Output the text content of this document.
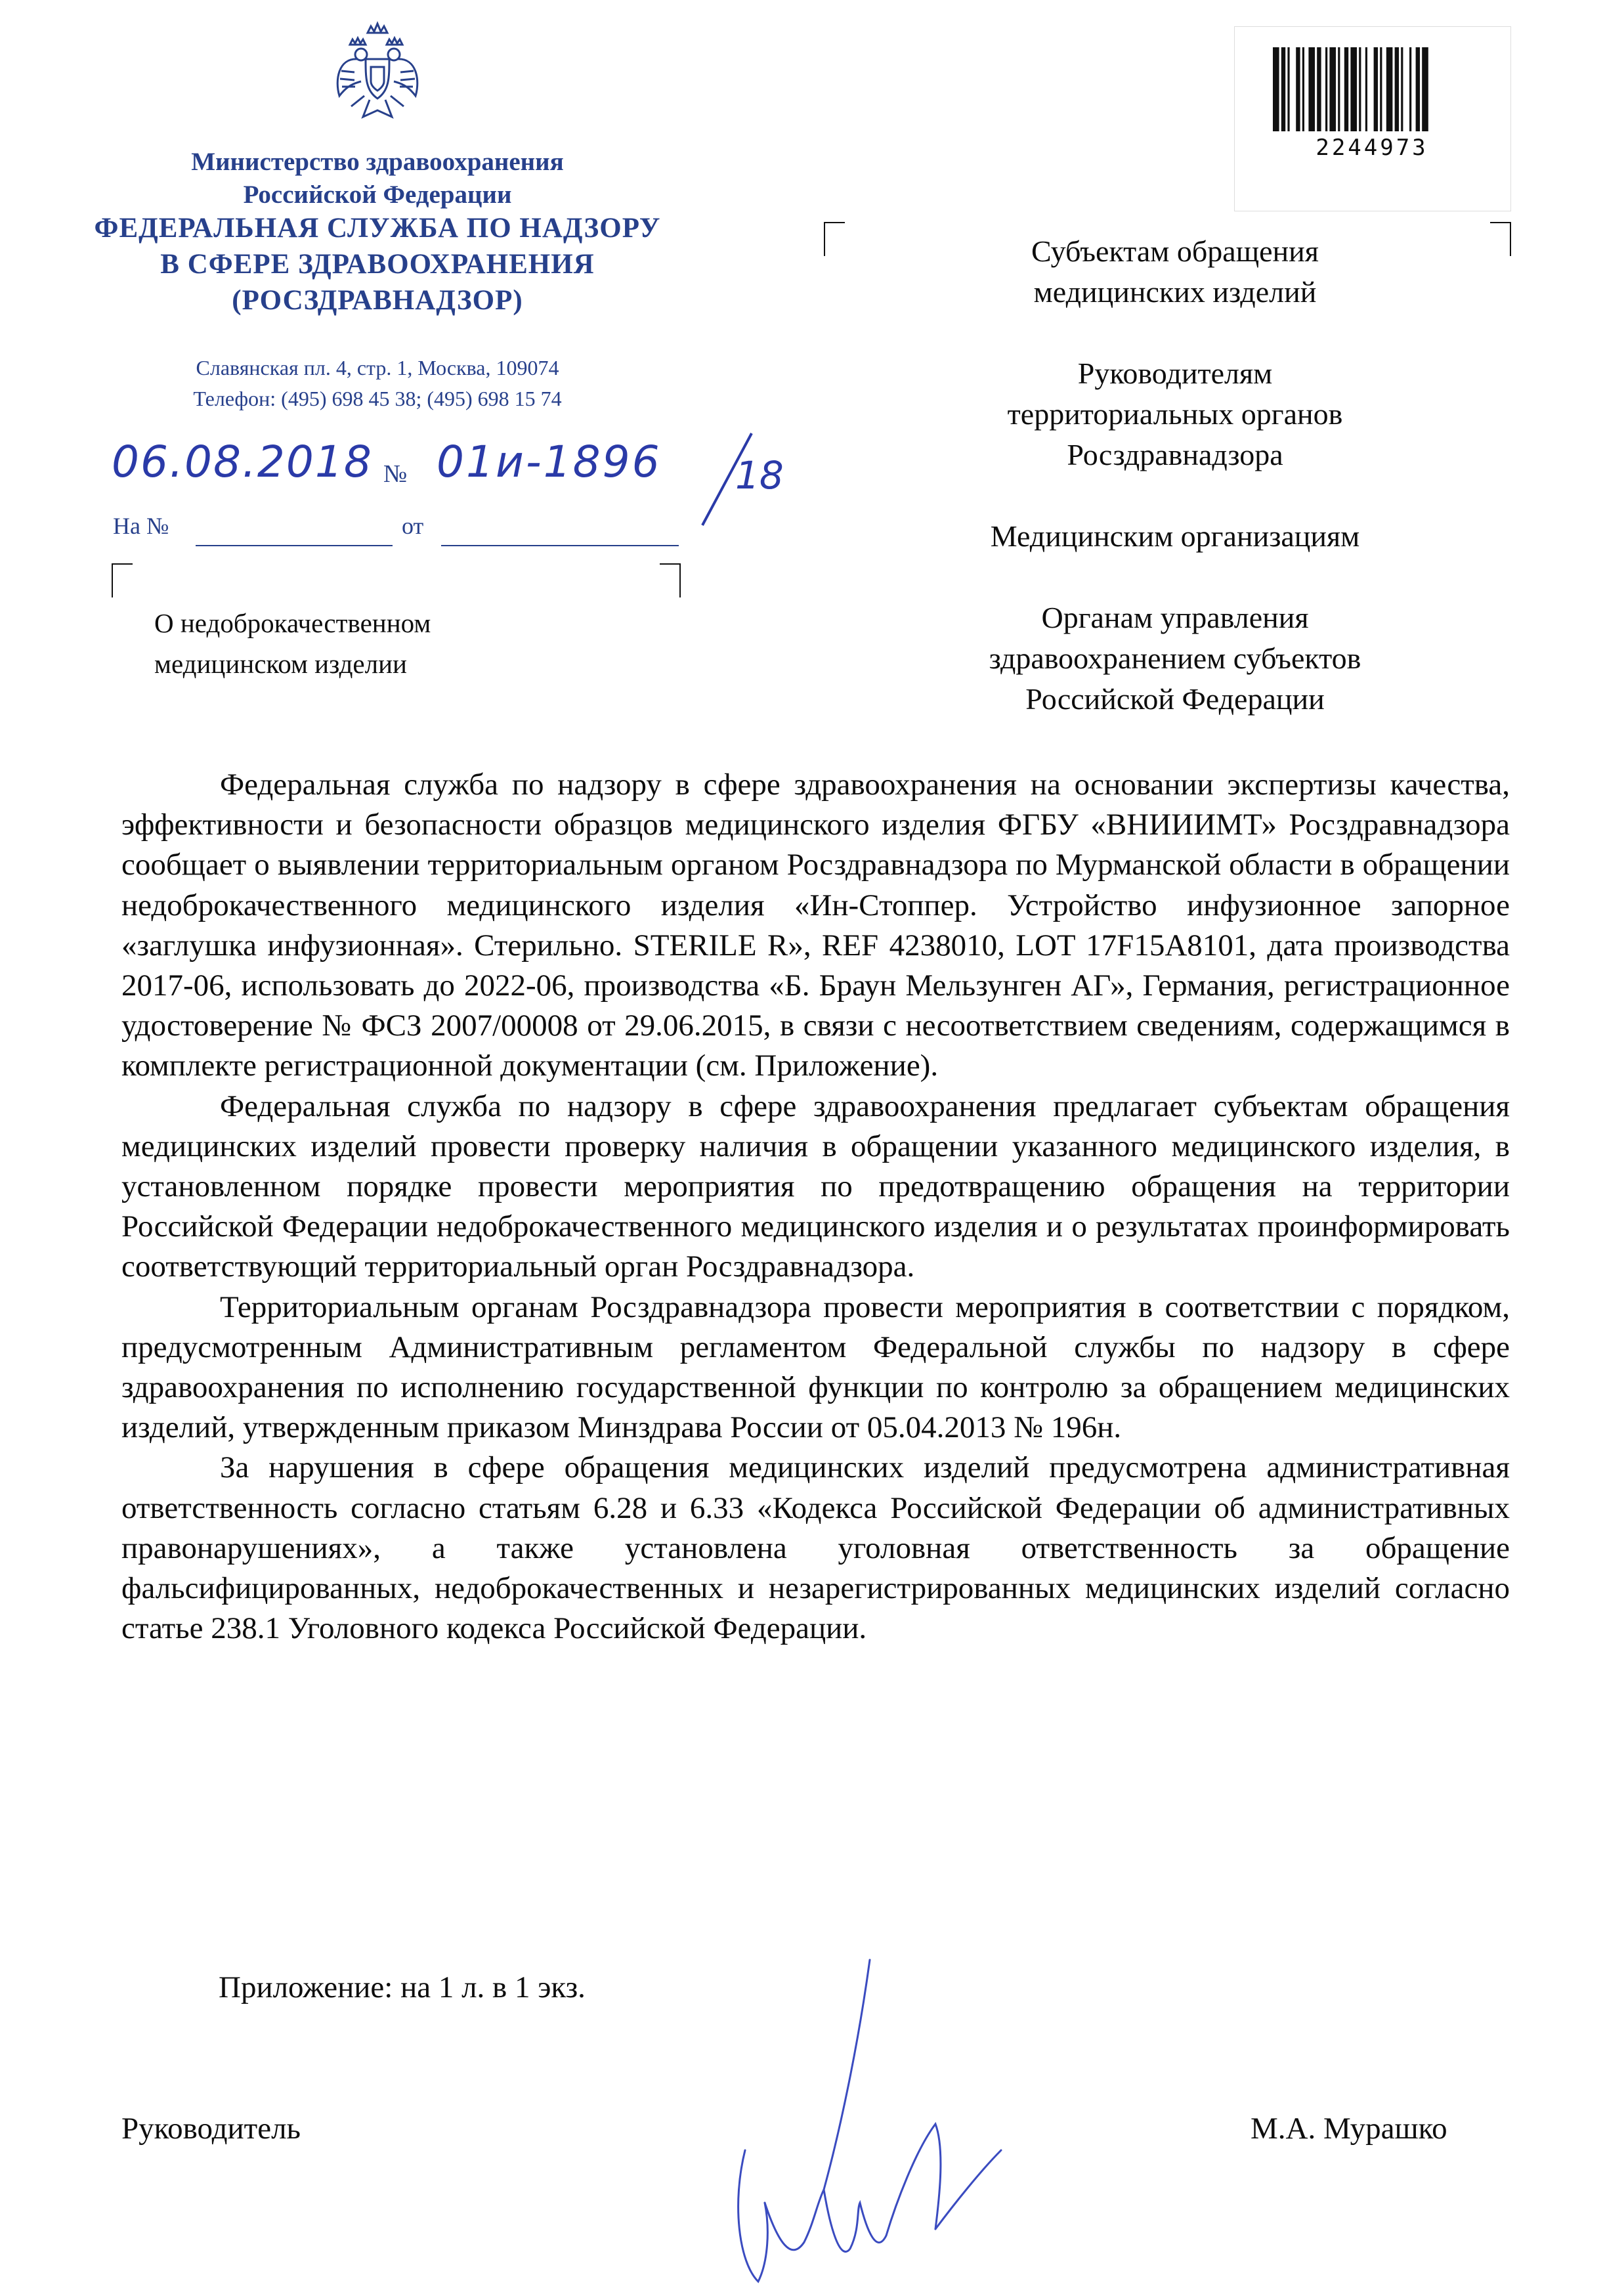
Министерство здравоохранения
Российской Федерации
ФЕДЕРАЛЬНАЯ СЛУЖБА ПО НАДЗОРУ
В СФЕРЕ ЗДРАВООХРАНЕНИЯ
(РОСЗДРАВНАДЗОР)
Славянская пл. 4, стр. 1, Москва, 109074
Телефон: (495) 698 45 38; (495) 698 15 74
06.08.2018 № 01и-1896 18
На №	от
О недоброкачественном
медицинском изделии
2244973
Субъектам обращения
медицинских изделий
Руководителям
территориальных органов
Росздравнадзора
Медицинским организациям
Органам управления
здравоохранением субъектов
Российской Федерации

Федеральная служба по надзору в сфере здравоохранения на основании экспертизы качества, эффективности и безопасности образцов медицинского изделия ФГБУ «ВНИИИМТ» Росздравнадзора сообщает о выявлении территориальным органом Росздравнадзора по Мурманской области в обращении недоброкачественного медицинского изделия «Ин-Стоппер. Устройство инфузионное запорное «заглушка инфузионная». Стерильно. STERILE R», REF 4238010, LOT 17F15A8101, дата производства 2017-06, использовать до 2022-06, производства «Б. Браун Мельзунген АГ», Германия, регистрационное удостоверение № ФСЗ 2007/00008 от 29.06.2015, в связи с несоответствием сведениям, содержащимся в комплекте регистрационной документации (см. Приложение).

Федеральная служба по надзору в сфере здравоохранения предлагает субъектам обращения медицинских изделий провести проверку наличия в обращении указанного медицинского изделия, в установленном порядке провести мероприятия по предотвращению обращения на территории Российской Федерации недоброкачественного медицинского изделия и о результатах проинформировать соответствующий территориальный орган Росздравнадзора.

Территориальным органам Росздравнадзора провести мероприятия в соответствии с порядком, предусмотренным Административным регламентом Федеральной службы по надзору в сфере здравоохранения по исполнению государственной функции по контролю за обращением медицинских изделий, утвержденным приказом Минздрава России от 05.04.2013 № 196н.

За нарушения в сфере обращения медицинских изделий предусмотрена административная ответственность согласно статьям 6.28 и 6.33 «Кодекса Российской Федерации об административных правонарушениях», а также установлена уголовная ответственность за обращение фальсифицированных, недоброкачественных и незарегистрированных медицинских изделий согласно статье 238.1 Уголовного кодекса Российской Федерации.

Приложение: на 1 л. в 1 экз.
Руководитель	М.А. Мурашко
